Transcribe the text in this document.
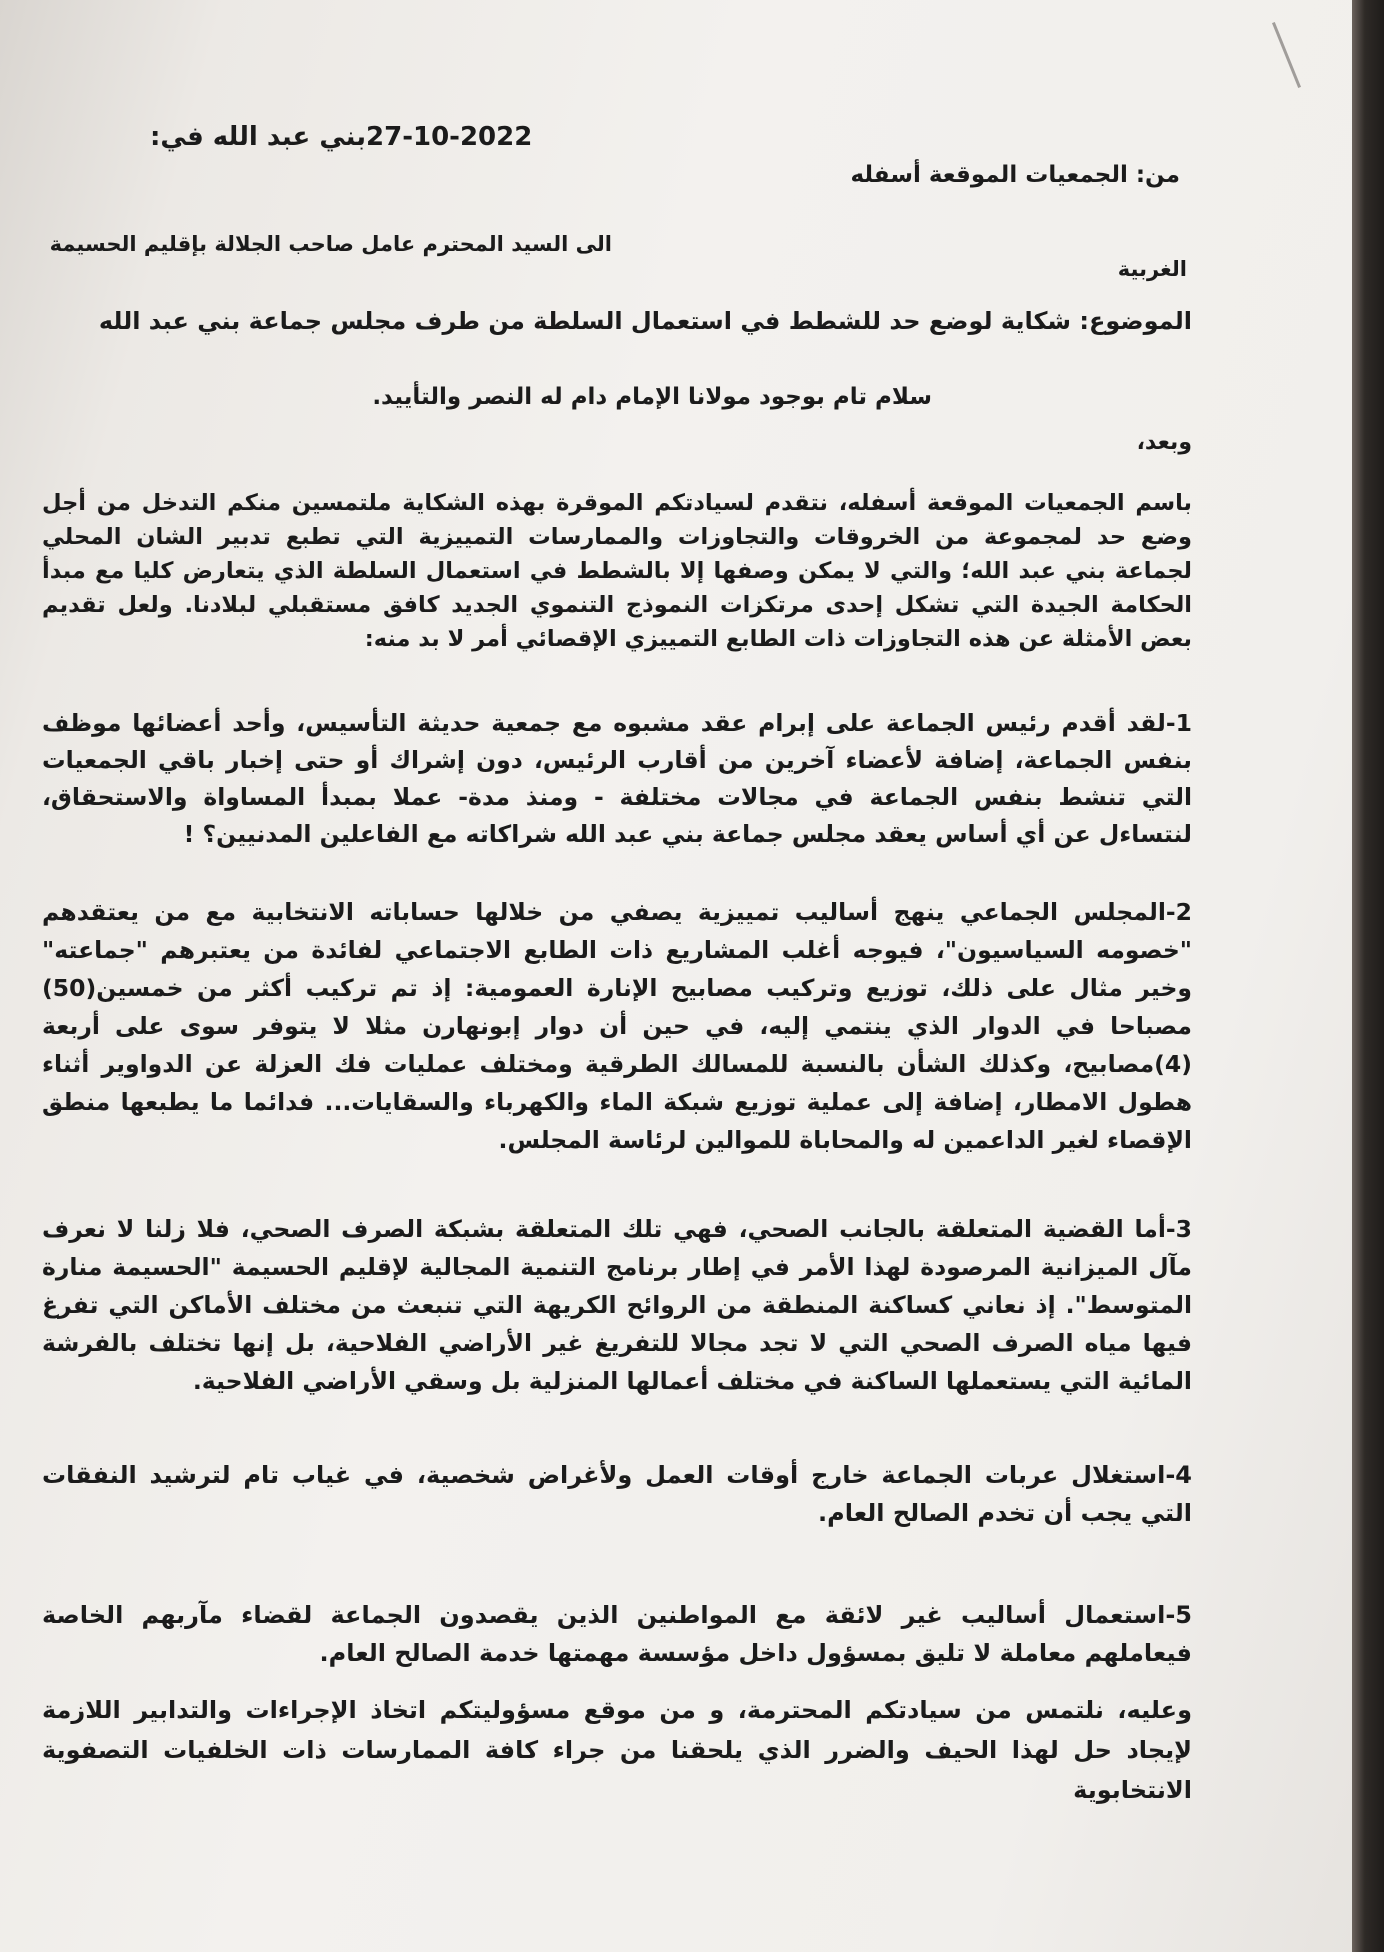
27-10-2022بني عبد الله في:
من: الجمعيات الموقعة أسفله
الى السيد المحترم عامل صاحب الجلالة بإقليم الحسيمة
الغربية
الموضوع: شكاية لوضع حد للشطط في استعمال السلطة من طرف مجلس جماعة بني عبد الله
سلام تام بوجود مولانا الإمام دام له النصر والتأييد.
وبعد،
باسم الجمعيات الموقعة أسفله، نتقدم لسيادتكم الموقرة بهذه الشكاية ملتمسين منكم التدخل من أجل وضع حد لمجموعة من الخروقات والتجاوزات والممارسات التمييزية التي تطبع تدبير الشان المحلي لجماعة بني عبد الله؛ والتي لا يمكن وصفها إلا بالشطط في استعمال السلطة الذي يتعارض كليا مع مبدأ الحكامة الجيدة التي تشكل إحدى مرتكزات النموذج التنموي الجديد كافق مستقبلي لبلادنا. ولعل تقديم بعض الأمثلة عن هذه التجاوزات ذات الطابع التمييزي الإقصائي أمر لا بد منه:
1-لقد أقدم رئيس الجماعة على إبرام عقد مشبوه مع جمعية حديثة التأسيس، وأحد أعضائها موظف بنفس الجماعة، إضافة لأعضاء آخرين من أقارب الرئيس، دون إشراك أو حتى إخبار باقي الجمعيات التي تنشط بنفس الجماعة في مجالات مختلفة - ومنذ مدة- عملا بمبدأ المساواة والاستحقاق، لنتساءل عن أي أساس يعقد مجلس جماعة بني عبد الله شراكاته مع الفاعلين المدنيين؟ !
2-المجلس الجماعي ينهج أساليب تمييزية يصفي من خلالها حساباته الانتخابية مع من يعتقدهم "خصومه السياسيون"، فيوجه أغلب المشاريع ذات الطابع الاجتماعي لفائدة من يعتبرهم "جماعته" وخير مثال على ذلك، توزيع وتركيب مصابيح الإنارة العمومية: إذ تم تركيب أكثر من خمسين(50) مصباحا في الدوار الذي ينتمي إليه، في حين أن دوار إبونهارن مثلا لا يتوفر سوى على أربعة (4)مصابيح، وكذلك الشأن بالنسبة للمسالك الطرقية ومختلف عمليات فك العزلة عن الدواوير أثناء هطول الامطار، إضافة إلى عملية توزيع شبكة الماء والكهرباء والسقايات... فدائما ما يطبعها منطق الإقصاء لغير الداعمين له والمحاباة للموالين لرئاسة المجلس.
3-أما القضية المتعلقة بالجانب الصحي، فهي تلك المتعلقة بشبكة الصرف الصحي، فلا زلنا لا نعرف مآل الميزانية المرصودة لهذا الأمر في إطار برنامج التنمية المجالية لإقليم الحسيمة "الحسيمة منارة المتوسط". إذ نعاني كساكنة المنطقة من الروائح الكريهة التي تنبعث من مختلف الأماكن التي تفرغ فيها مياه الصرف الصحي التي لا تجد مجالا للتفريغ غير الأراضي الفلاحية، بل إنها تختلف بالفرشة المائية التي يستعملها الساكنة في مختلف أعمالها المنزلية بل وسقي الأراضي الفلاحية.
4-استغلال عربات الجماعة خارج أوقات العمل ولأغراض شخصية، في غياب تام لترشيد النفقات التي يجب أن تخدم الصالح العام.
5-استعمال أساليب غير لائقة مع المواطنين الذين يقصدون الجماعة لقضاء مآربهم الخاصة فيعاملهم معاملة لا تليق بمسؤول داخل مؤسسة مهمتها خدمة الصالح العام.
وعليه، نلتمس من سيادتكم المحترمة، و من موقع مسؤوليتكم اتخاذ الإجراءات والتدابير اللازمة لإيجاد حل لهذا الحيف والضرر الذي يلحقنا من جراء كافة الممارسات ذات الخلفيات التصفوية الانتخابوية
